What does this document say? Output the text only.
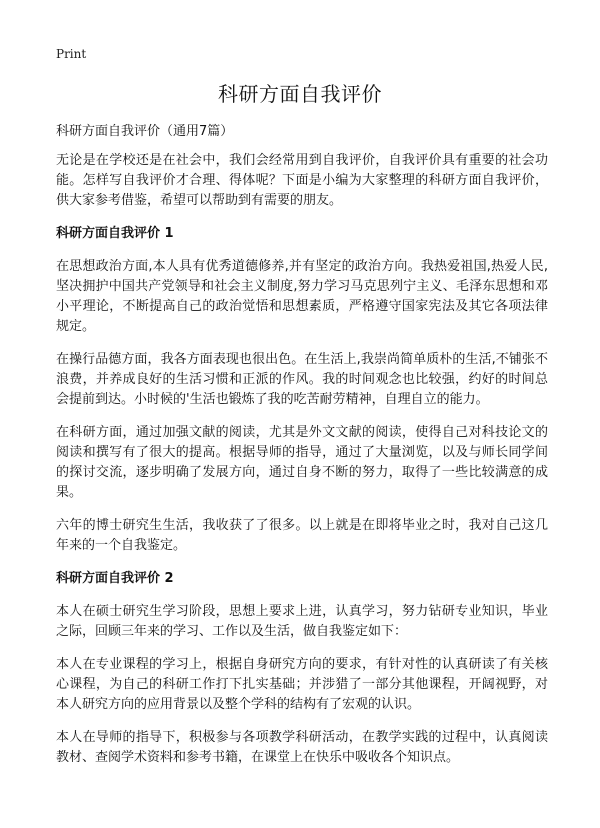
Print
科研方面自我评价

科研方面自我评价（通用7篇）

无论是在学校还是在社会中，我们会经常用到自我评价，自我评价具有重要的社会功能。怎样写自我评价才合理、得体呢？下面是小编为大家整理的科研方面自我评价，供大家参考借鉴，希望可以帮助到有需要的朋友。

科研方面自我评价 1

在思想政治方面,本人具有优秀道德修养,并有坚定的政治方向。我热爱祖国,热爱人民,坚决拥护中国共产党领导和社会主义制度,努力学习马克思列宁主义、毛泽东思想和邓小平理论，不断提高自己的政治觉悟和思想素质，严格遵守国家宪法及其它各项法律规定。

在操行品德方面，我各方面表现也很出色。在生活上,我崇尚简单质朴的生活,不铺张不浪费，并养成良好的生活习惯和正派的作风。我的时间观念也比较强，约好的时间总会提前到达。小时候的'生活也锻炼了我的吃苦耐劳精神，自理自立的能力。

在科研方面，通过加强文献的阅读，尤其是外文文献的阅读，使得自己对科技论文的阅读和撰写有了很大的提高。根据导师的指导，通过了大量浏览，以及与师长同学间的探讨交流，逐步明确了发展方向，通过自身不断的努力，取得了一些比较满意的成果。

六年的博士研究生生活，我收获了了很多。以上就是在即将毕业之时，我对自己这几年来的一个自我鉴定。

科研方面自我评价 2

本人在硕士研究生学习阶段，思想上要求上进，认真学习，努力钻研专业知识，毕业之际，回顾三年来的学习、工作以及生活，做自我鉴定如下：

本人在专业课程的学习上，根据自身研究方向的要求，有针对性的认真研读了有关核心课程，为自己的科研工作打下扎实基础；并涉猎了一部分其他课程，开阔视野，对本人研究方向的应用背景以及整个学科的结构有了宏观的认识。

本人在导师的指导下，积极参与各项教学科研活动，在教学实践的过程中，认真阅读教材、查阅学术资料和参考书籍，在课堂上在快乐中吸收各个知识点。
